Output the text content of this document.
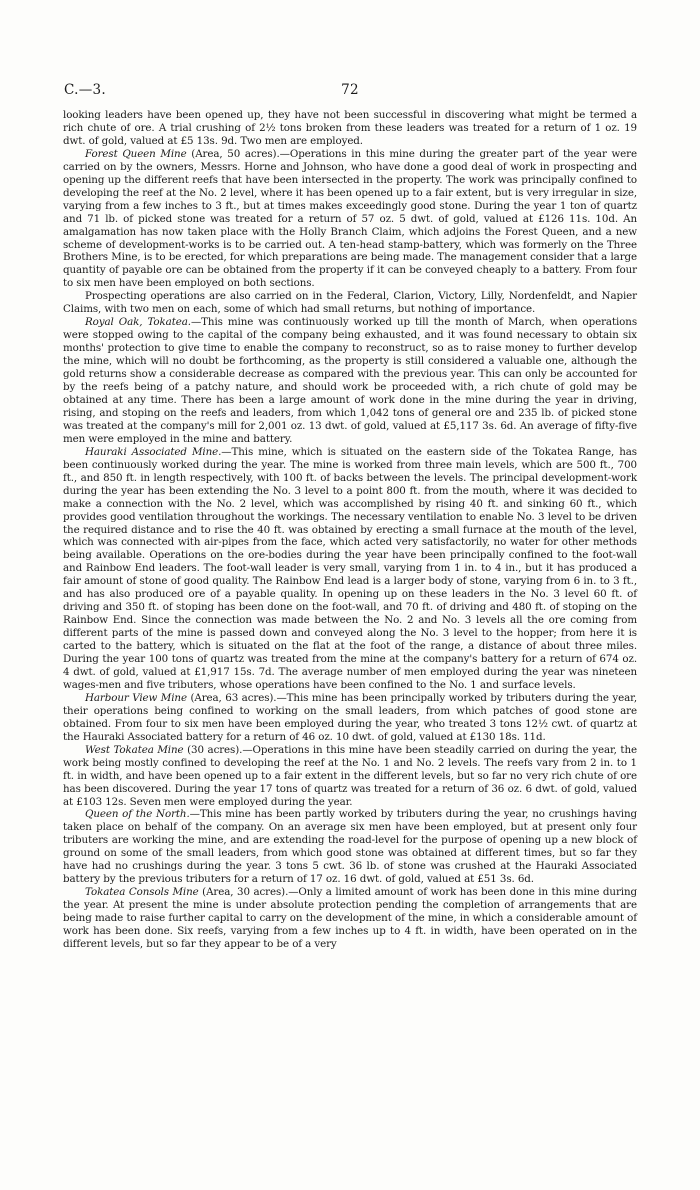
C.—3.	72

looking leaders have been opened up, they have not been successful in discovering what might be termed a rich chute of ore. A trial crushing of 2½ tons broken from these leaders was treated for a return of 1 oz. 19 dwt. of gold, valued at £5 13s. 9d. Two men are employed.

Forest Queen Mine (Area, 50 acres).—Operations in this mine during the greater part of the year were carried on by the owners, Messrs. Horne and Johnson, who have done a good deal of work in prospecting and opening up the different reefs that have been intersected in the property. The work was principally confined to developing the reef at the No. 2 level, where it has been opened up to a fair extent, but is very irregular in size, varying from a few inches to 3 ft., but at times makes exceedingly good stone. During the year 1 ton of quartz and 71 lb. of picked stone was treated for a return of 57 oz. 5 dwt. of gold, valued at £126 11s. 10d. An amalgamation has now taken place with the Holly Branch Claim, which adjoins the Forest Queen, and a new scheme of development-works is to be carried out. A ten-head stamp-battery, which was formerly on the Three Brothers Mine, is to be erected, for which preparations are being made. The management consider that a large quantity of payable ore can be obtained from the property if it can be conveyed cheaply to a battery. From four to six men have been employed on both sections.

Prospecting operations are also carried on in the Federal, Clarion, Victory, Lilly, Nordenfeldt, and Napier Claims, with two men on each, some of which had small returns, but nothing of importance.

Royal Oak, Tokatea.—This mine was continuously worked up till the month of March, when operations were stopped owing to the capital of the company being exhausted, and it was found necessary to obtain six months' protection to give time to enable the company to reconstruct, so as to raise money to further develop the mine, which will no doubt be forthcoming, as the property is still considered a valuable one, although the gold returns show a considerable decrease as compared with the previous year. This can only be accounted for by the reefs being of a patchy nature, and should work be proceeded with, a rich chute of gold may be obtained at any time. There has been a large amount of work done in the mine during the year in driving, rising, and stoping on the reefs and leaders, from which 1,042 tons of general ore and 235 lb. of picked stone was treated at the company's mill for 2,001 oz. 13 dwt. of gold, valued at £5,117 3s. 6d. An average of fifty-five men were employed in the mine and battery.

Hauraki Associated Mine.—This mine, which is situated on the eastern side of the Tokatea Range, has been continuously worked during the year. The mine is worked from three main levels, which are 500 ft., 700 ft., and 850 ft. in length respectively, with 100 ft. of backs between the levels. The principal development-work during the year has been extending the No. 3 level to a point 800 ft. from the mouth, where it was decided to make a connection with the No. 2 level, which was accomplished by rising 40 ft. and sinking 60 ft., which provides good ventilation throughout the workings. The necessary ventilation to enable No. 3 level to be driven the required distance and to rise the 40 ft. was obtained by erecting a small furnace at the mouth of the level, which was connected with air-pipes from the face, which acted very satisfactorily, no water for other methods being available. Operations on the ore-bodies during the year have been principally confined to the foot-wall and Rainbow End leaders. The foot-wall leader is very small, varying from 1 in. to 4 in., but it has produced a fair amount of stone of good quality. The Rainbow End lead is a larger body of stone, varying from 6 in. to 3 ft., and has also produced ore of a payable quality. In opening up on these leaders in the No. 3 level 60 ft. of driving and 350 ft. of stoping has been done on the foot-wall, and 70 ft. of driving and 480 ft. of stoping on the Rainbow End. Since the connection was made between the No. 2 and No. 3 levels all the ore coming from different parts of the mine is passed down and conveyed along the No. 3 level to the hopper; from here it is carted to the battery, which is situated on the flat at the foot of the range, a distance of about three miles. During the year 100 tons of quartz was treated from the mine at the company's battery for a return of 674 oz. 4 dwt. of gold, valued at £1,917 15s. 7d. The average number of men employed during the year was nineteen wages-men and five tributers, whose operations have been confined to the No. 1 and surface levels.

Harbour View Mine (Area, 63 acres).—This mine has been principally worked by tributers during the year, their operations being confined to working on the small leaders, from which patches of good stone are obtained. From four to six men have been employed during the year, who treated 3 tons 12½ cwt. of quartz at the Hauraki Associated battery for a return of 46 oz. 10 dwt. of gold, valued at £130 18s. 11d.

West Tokatea Mine (30 acres).—Operations in this mine have been steadily carried on during the year, the work being mostly confined to developing the reef at the No. 1 and No. 2 levels. The reefs vary from 2 in. to 1 ft. in width, and have been opened up to a fair extent in the different levels, but so far no very rich chute of ore has been discovered. During the year 17 tons of quartz was treated for a return of 36 oz. 6 dwt. of gold, valued at £103 12s. Seven men were employed during the year.

Queen of the North.—This mine has been partly worked by tributers during the year, no crushings having taken place on behalf of the company. On an average six men have been employed, but at present only four tributers are working the mine, and are extending the road-level for the purpose of opening up a new block of ground on some of the small leaders, from which good stone was obtained at different times, but so far they have had no crushings during the year. 3 tons 5 cwt. 36 lb. of stone was crushed at the Hauraki Associated battery by the previous tributers for a return of 17 oz. 16 dwt. of gold, valued at £51 3s. 6d.

Tokatea Consols Mine (Area, 30 acres).—Only a limited amount of work has been done in this mine during the year. At present the mine is under absolute protection pending the completion of arrangements that are being made to raise further capital to carry on the development of the mine, in which a considerable amount of work has been done. Six reefs, varying from a few inches up to 4 ft. in width, have been operated on in the different levels, but so far they appear to be of a very
